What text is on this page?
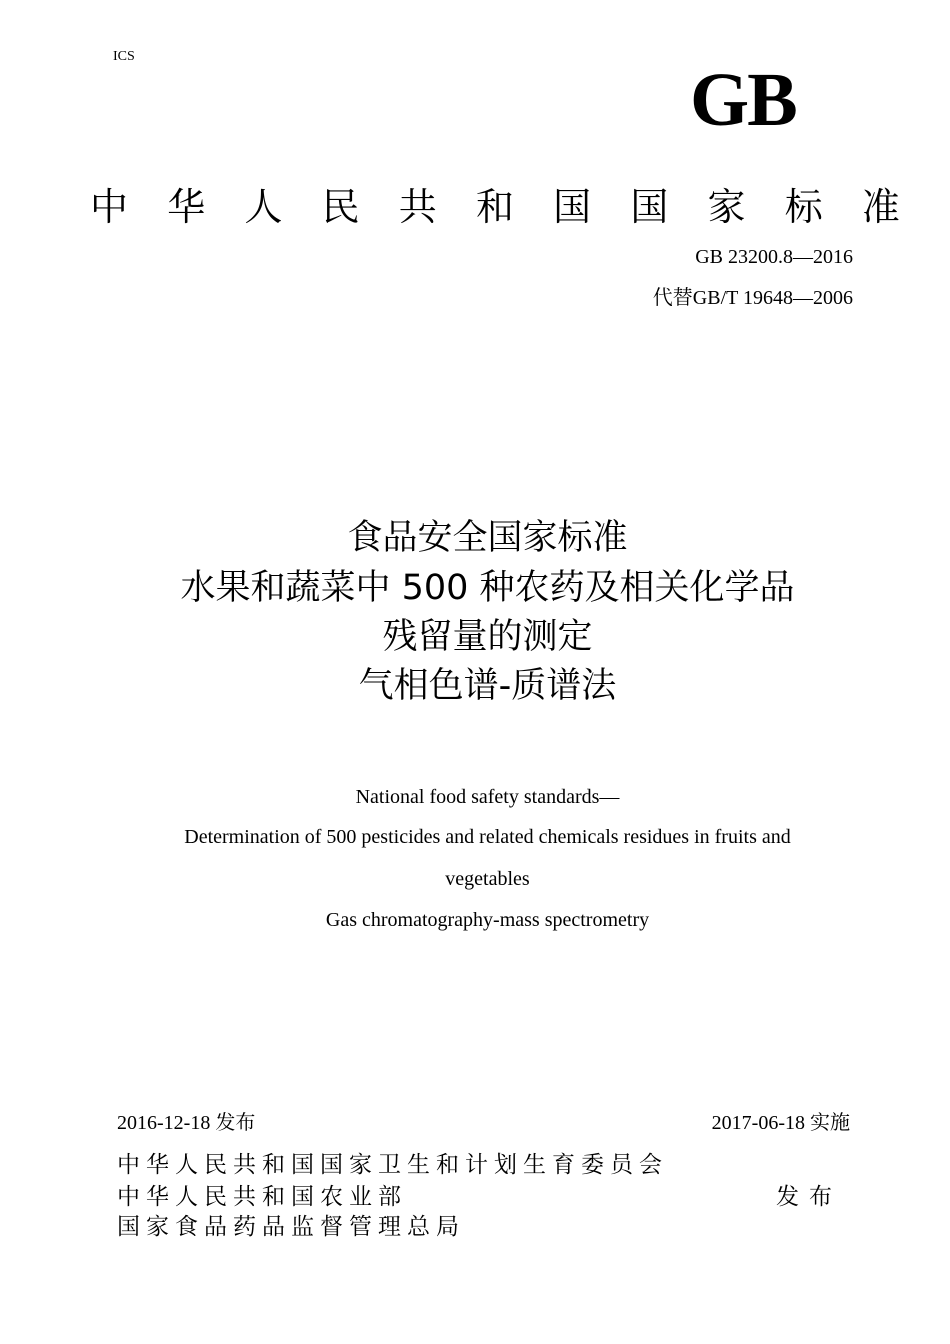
ICS
GB
中 华 人 民 共 和 国 国 家 标 准
GB 23200.8—2016
代替GB/T 19648—2006
食品安全国家标准
水果和蔬菜中 500 种农药及相关化学品
残留量的测定
气相色谱-质谱法
National food safety standards—
Determination of 500 pesticides and related chemicals residues in fruits and
vegetables
Gas chromatography-mass spectrometry
2016-12-18 发布	2017-06-18 实施
中华人民共和国国家卫生和计划生育委员会
中华人民共和国农业部
国家食品药品监督管理总局
发布
